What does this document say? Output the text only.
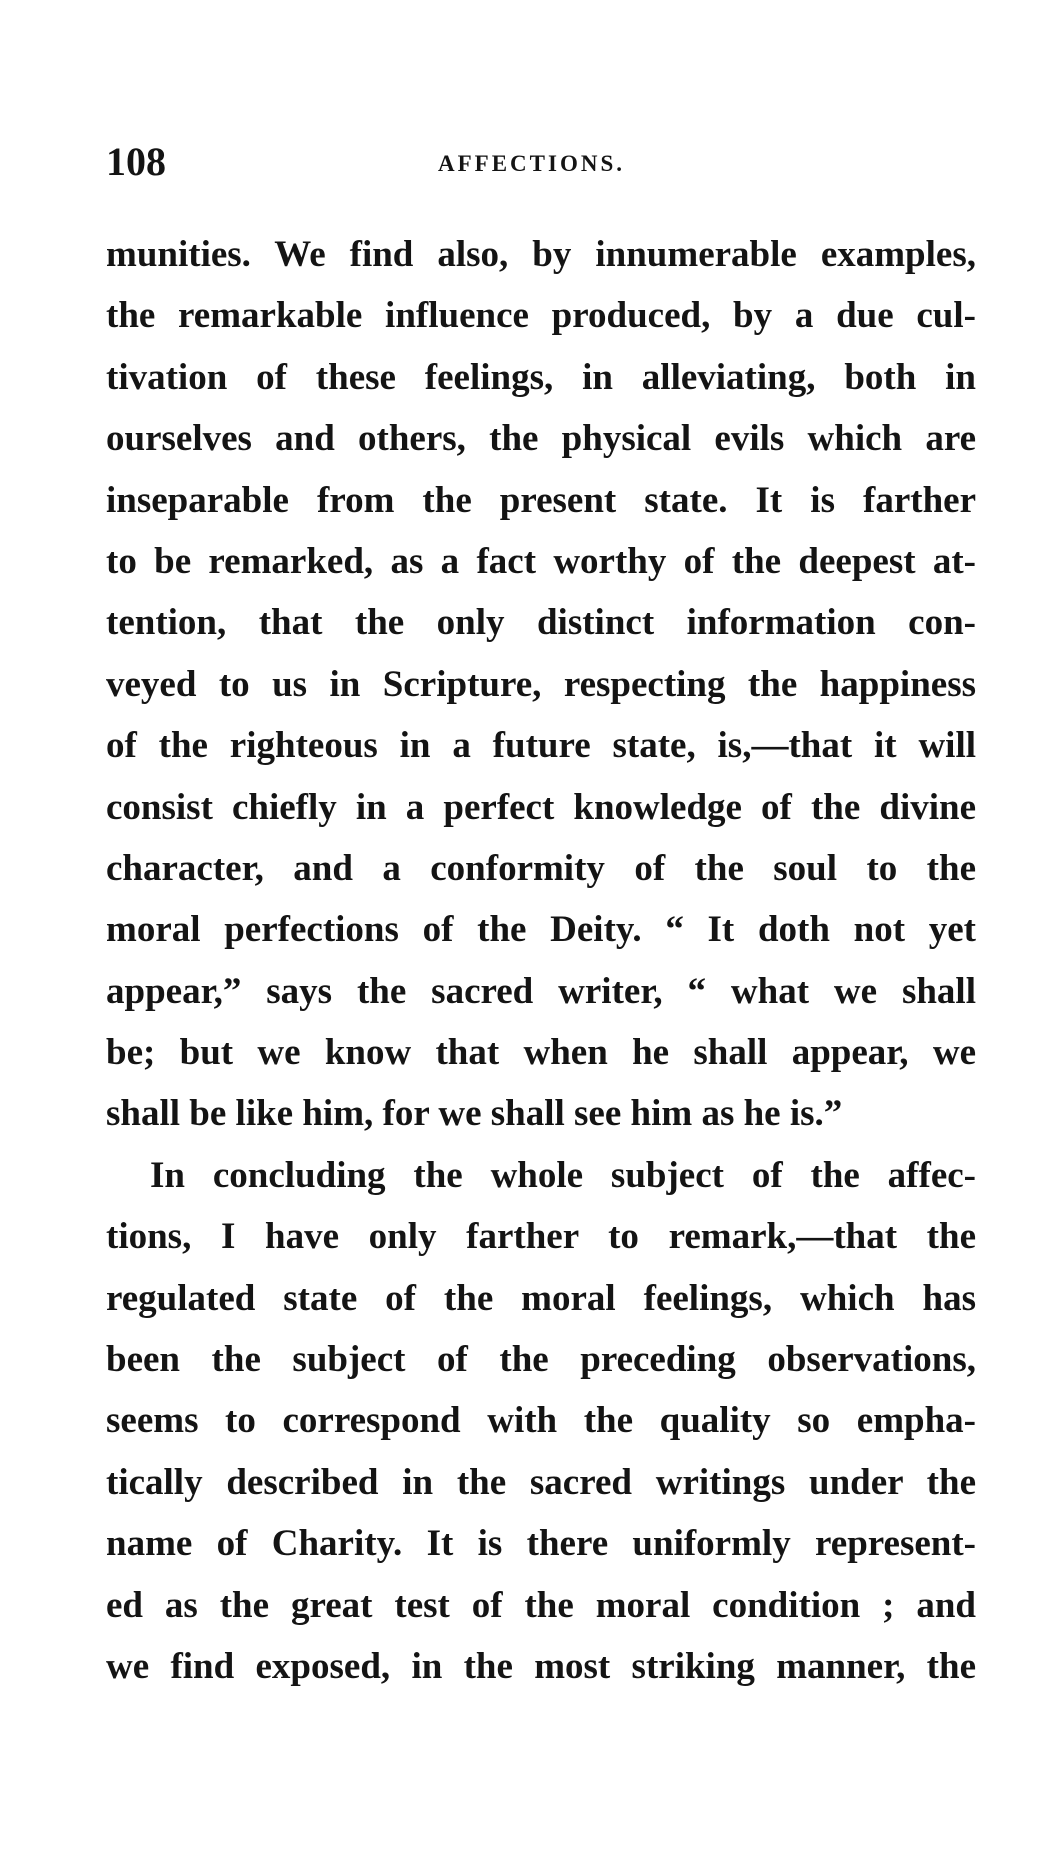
108	AFFECTIONS.
munities. We find also, by innumerable examples,
the remarkable influence produced, by a due cul-
tivation of these feelings, in alleviating, both in
ourselves and others, the physical evils which are
inseparable from the present state. It is farther
to be remarked, as a fact worthy of the deepest at-
tention, that the only distinct information con-
veyed to us in Scripture, respecting the happiness
of the righteous in a future state, is,—that it will
consist chiefly in a perfect knowledge of the divine
character, and a conformity of the soul to the
moral perfections of the Deity. “ It doth not yet
appear,” says the sacred writer, “ what we shall
be; but we know that when he shall appear, we
shall be like him, for we shall see him as he is.”
In concluding the whole subject of the affec-
tions, I have only farther to remark,—that the
regulated state of the moral feelings, which has
been the subject of the preceding observations,
seems to correspond with the quality so empha-
tically described in the sacred writings under the
name of Charity. It is there uniformly represent-
ed as the great test of the moral condition ; and
we find exposed, in the most striking manner, the
